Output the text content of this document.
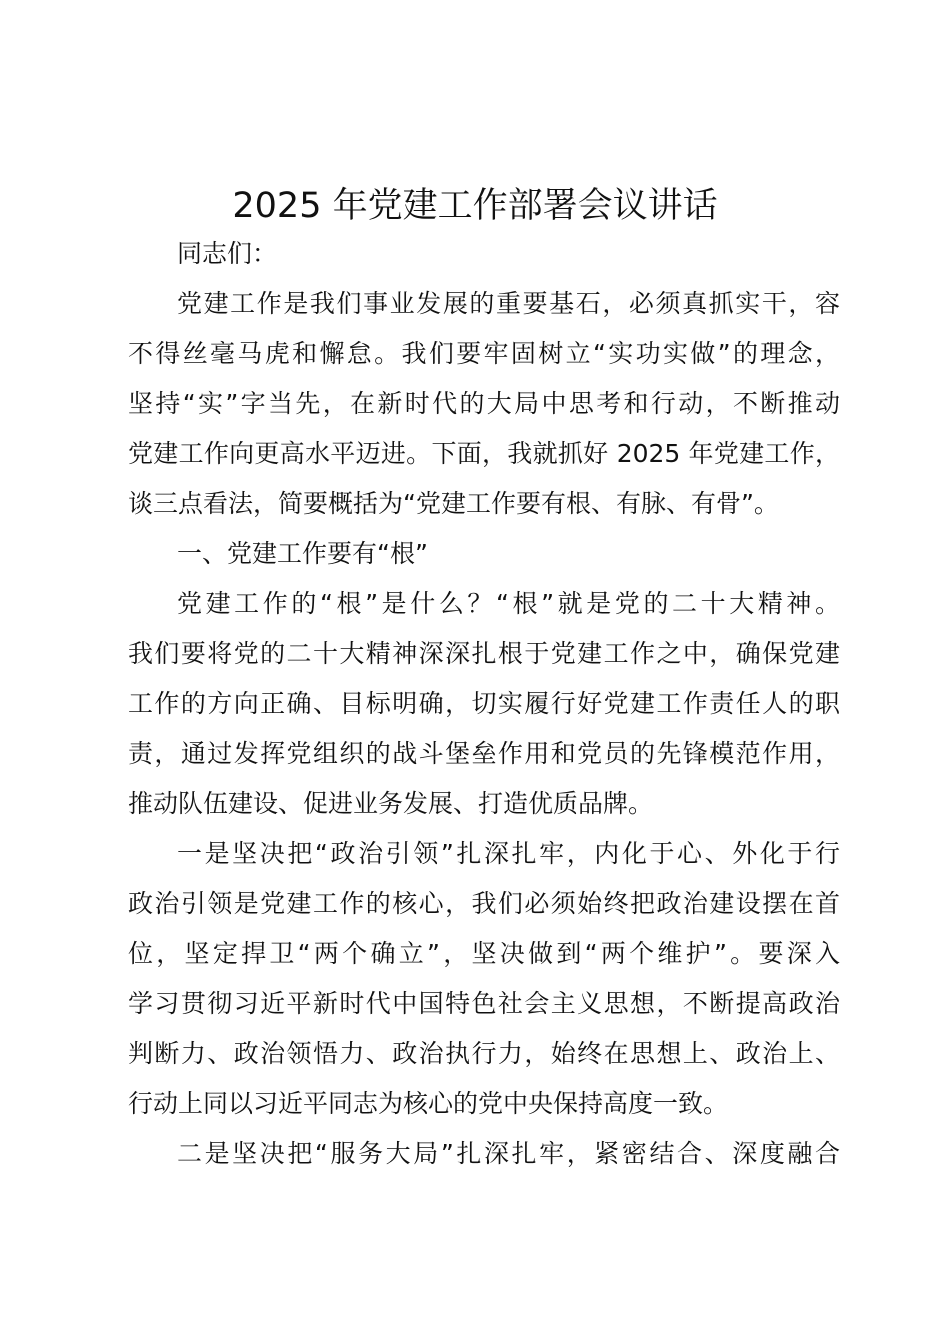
2025 年党建工作部署会议讲话
同志们：
党建工作是我们事业发展的重要基石，必须真抓实干，容
不得丝毫马虎和懈怠。我们要牢固树立“实功实做”的理念，
坚持“实”字当先，在新时代的大局中思考和行动，不断推动
党建工作向更高水平迈进。下面，我就抓好 2025 年党建工作，
谈三点看法，简要概括为“党建工作要有根、有脉、有骨”。
一、党建工作要有“根”
党建工作的“根”是什么？“根”就是党的二十大精神。
我们要将党的二十大精神深深扎根于党建工作之中，确保党建
工作的方向正确、目标明确，切实履行好党建工作责任人的职
责，通过发挥党组织的战斗堡垒作用和党员的先锋模范作用，
推动队伍建设、促进业务发展、打造优质品牌。
一是坚决把“政治引领”扎深扎牢，内化于心、外化于行
政治引领是党建工作的核心，我们必须始终把政治建设摆在首
位，坚定捍卫“两个确立”，坚决做到“两个维护”。要深入
学习贯彻习近平新时代中国特色社会主义思想，不断提高政治
判断力、政治领悟力、政治执行力，始终在思想上、政治上、
行动上同以习近平同志为核心的党中央保持高度一致。
二是坚决把“服务大局”扎深扎牢，紧密结合、深度融合
